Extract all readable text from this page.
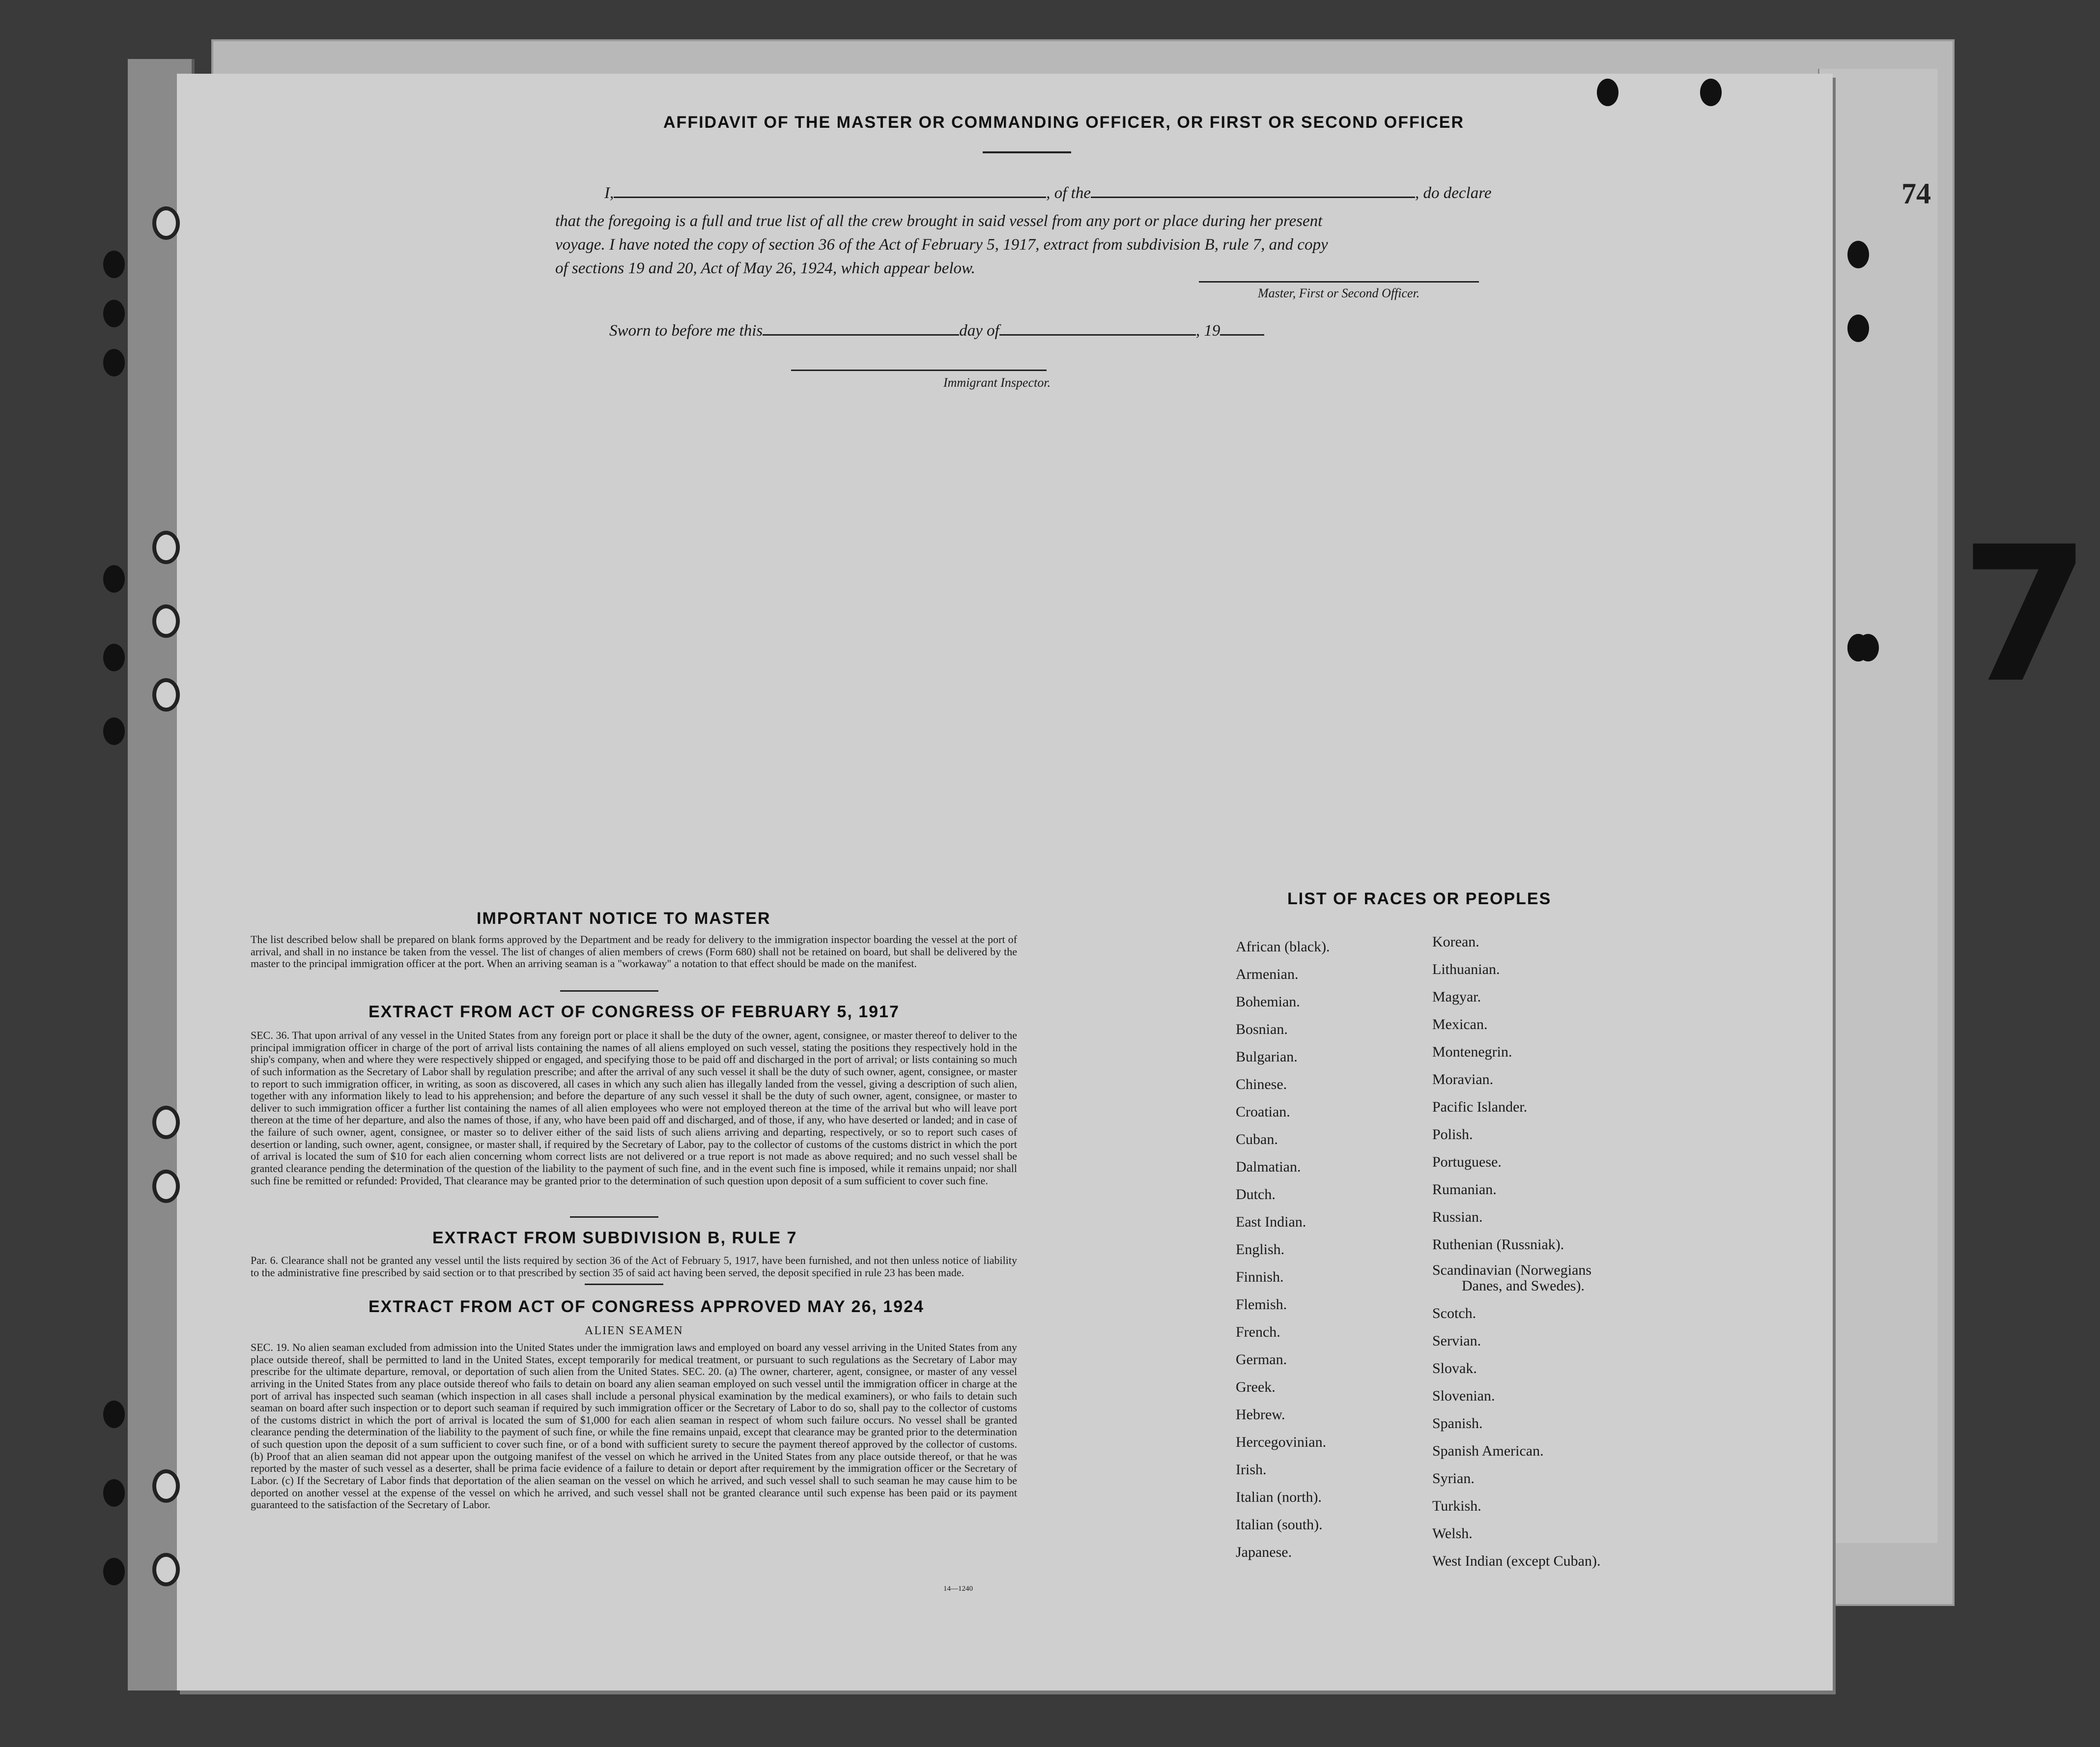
74
7
AFFIDAVIT OF THE MASTER OR COMMANDING OFFICER, OR FIRST OR SECOND OFFICER
I,	, of the	, do declare
that the foregoing is a full and true list of all the crew brought in said vessel from any port or place during her present
voyage. I have noted the copy of section 36 of the Act of February 5, 1917, extract from subdivision B, rule 7, and copy
of sections 19 and 20, Act of May 26, 1924, which appear below.
Master, First or Second Officer.
Sworn to before me this	day of	, 19
Immigrant Inspector.
IMPORTANT NOTICE TO MASTER
The list described below shall be prepared on blank forms approved by the Department and be ready for delivery to the immigration inspector boarding the vessel at the port of arrival, and shall in no instance be taken from the vessel. The list of changes of alien members of crews (Form 680) shall not be retained on board, but shall be delivered by the master to the principal immigration officer at the port. When an arriving seaman is a "workaway" a notation to that effect should be made on the manifest.
EXTRACT FROM ACT OF CONGRESS OF FEBRUARY 5, 1917
SEC. 36. That upon arrival of any vessel in the United States from any foreign port or place it shall be the duty of the owner, agent, consignee, or master thereof to deliver to the principal immigration officer in charge of the port of arrival lists containing the names of all aliens employed on such vessel, stating the positions they respectively hold in the ship's company, when and where they were respectively shipped or engaged, and specifying those to be paid off and discharged in the port of arrival; or lists containing so much of such information as the Secretary of Labor shall by regulation prescribe; and after the arrival of any such vessel it shall be the duty of such owner, agent, consignee, or master to report to such immigration officer, in writing, as soon as discovered, all cases in which any such alien has illegally landed from the vessel, giving a description of such alien, together with any information likely to lead to his apprehension; and before the departure of any such vessel it shall be the duty of such owner, agent, consignee, or master to deliver to such immigration officer a further list containing the names of all alien employees who were not employed thereon at the time of the arrival but who will leave port thereon at the time of her departure, and also the names of those, if any, who have been paid off and discharged, and of those, if any, who have deserted or landed; and in case of the failure of such owner, agent, consignee, or master so to deliver either of the said lists of such aliens arriving and departing, respectively, or so to report such cases of desertion or landing, such owner, agent, consignee, or master shall, if required by the Secretary of Labor, pay to the collector of customs of the customs district in which the port of arrival is located the sum of $10 for each alien concerning whom correct lists are not delivered or a true report is not made as above required; and no such vessel shall be granted clearance pending the determination of the question of the liability to the payment of such fine, and in the event such fine is imposed, while it remains unpaid; nor shall such fine be remitted or refunded: Provided, That clearance may be granted prior to the determination of such question upon deposit of a sum sufficient to cover such fine.
EXTRACT FROM SUBDIVISION B, RULE 7
Par. 6. Clearance shall not be granted any vessel until the lists required by section 36 of the Act of February 5, 1917, have been furnished, and not then unless notice of liability to the administrative fine prescribed by said section or to that prescribed by section 35 of said act having been served, the deposit specified in rule 23 has been made.
EXTRACT FROM ACT OF CONGRESS APPROVED MAY 26, 1924
ALIEN SEAMEN
SEC. 19. No alien seaman excluded from admission into the United States under the immigration laws and employed on board any vessel arriving in the United States from any place outside thereof, shall be permitted to land in the United States, except temporarily for medical treatment, or pursuant to such regulations as the Secretary of Labor may prescribe for the ultimate departure, removal, or deportation of such alien from the United States. SEC. 20. (a) The owner, charterer, agent, consignee, or master of any vessel arriving in the United States from any place outside thereof who fails to detain on board any alien seaman employed on such vessel until the immigration officer in charge at the port of arrival has inspected such seaman (which inspection in all cases shall include a personal physical examination by the medical examiners), or who fails to detain such seaman on board after such inspection or to deport such seaman if required by such immigration officer or the Secretary of Labor to do so, shall pay to the collector of customs of the customs district in which the port of arrival is located the sum of $1,000 for each alien seaman in respect of whom such failure occurs. No vessel shall be granted clearance pending the determination of the liability to the payment of such fine, or while the fine remains unpaid, except that clearance may be granted prior to the determination of such question upon the deposit of a sum sufficient to cover such fine, or of a bond with sufficient surety to secure the payment thereof approved by the collector of customs. (b) Proof that an alien seaman did not appear upon the outgoing manifest of the vessel on which he arrived in the United States from any place outside thereof, or that he was reported by the master of such vessel as a deserter, shall be prima facie evidence of a failure to detain or deport after requirement by the immigration officer or the Secretary of Labor. (c) If the Secretary of Labor finds that deportation of the alien seaman on the vessel on which he arrived, and such vessel shall to such seaman he may cause him to be deported on another vessel at the expense of the vessel on which he arrived, and such vessel shall not be granted clearance until such expense has been paid or its payment guaranteed to the satisfaction of the Secretary of Labor.
14—1240
LIST OF RACES OR PEOPLES
African (black).
Armenian.
Bohemian.
Bosnian.
Bulgarian.
Chinese.
Croatian.
Cuban.
Dalmatian.
Dutch.
East Indian.
English.
Finnish.
Flemish.
French.
German.
Greek.
Hebrew.
Hercegovinian.
Irish.
Italian (north).
Italian (south).
Japanese.
Korean.
Lithuanian.
Magyar.
Mexican.
Montenegrin.
Moravian.
Pacific Islander.
Polish.
Portuguese.
Rumanian.
Russian.
Ruthenian (Russniak).
Scandinavian (Norwegians
Danes, and Swedes).
Scotch.
Servian.
Slovak.
Slovenian.
Spanish.
Spanish American.
Syrian.
Turkish.
Welsh.
West Indian (except Cuban).
